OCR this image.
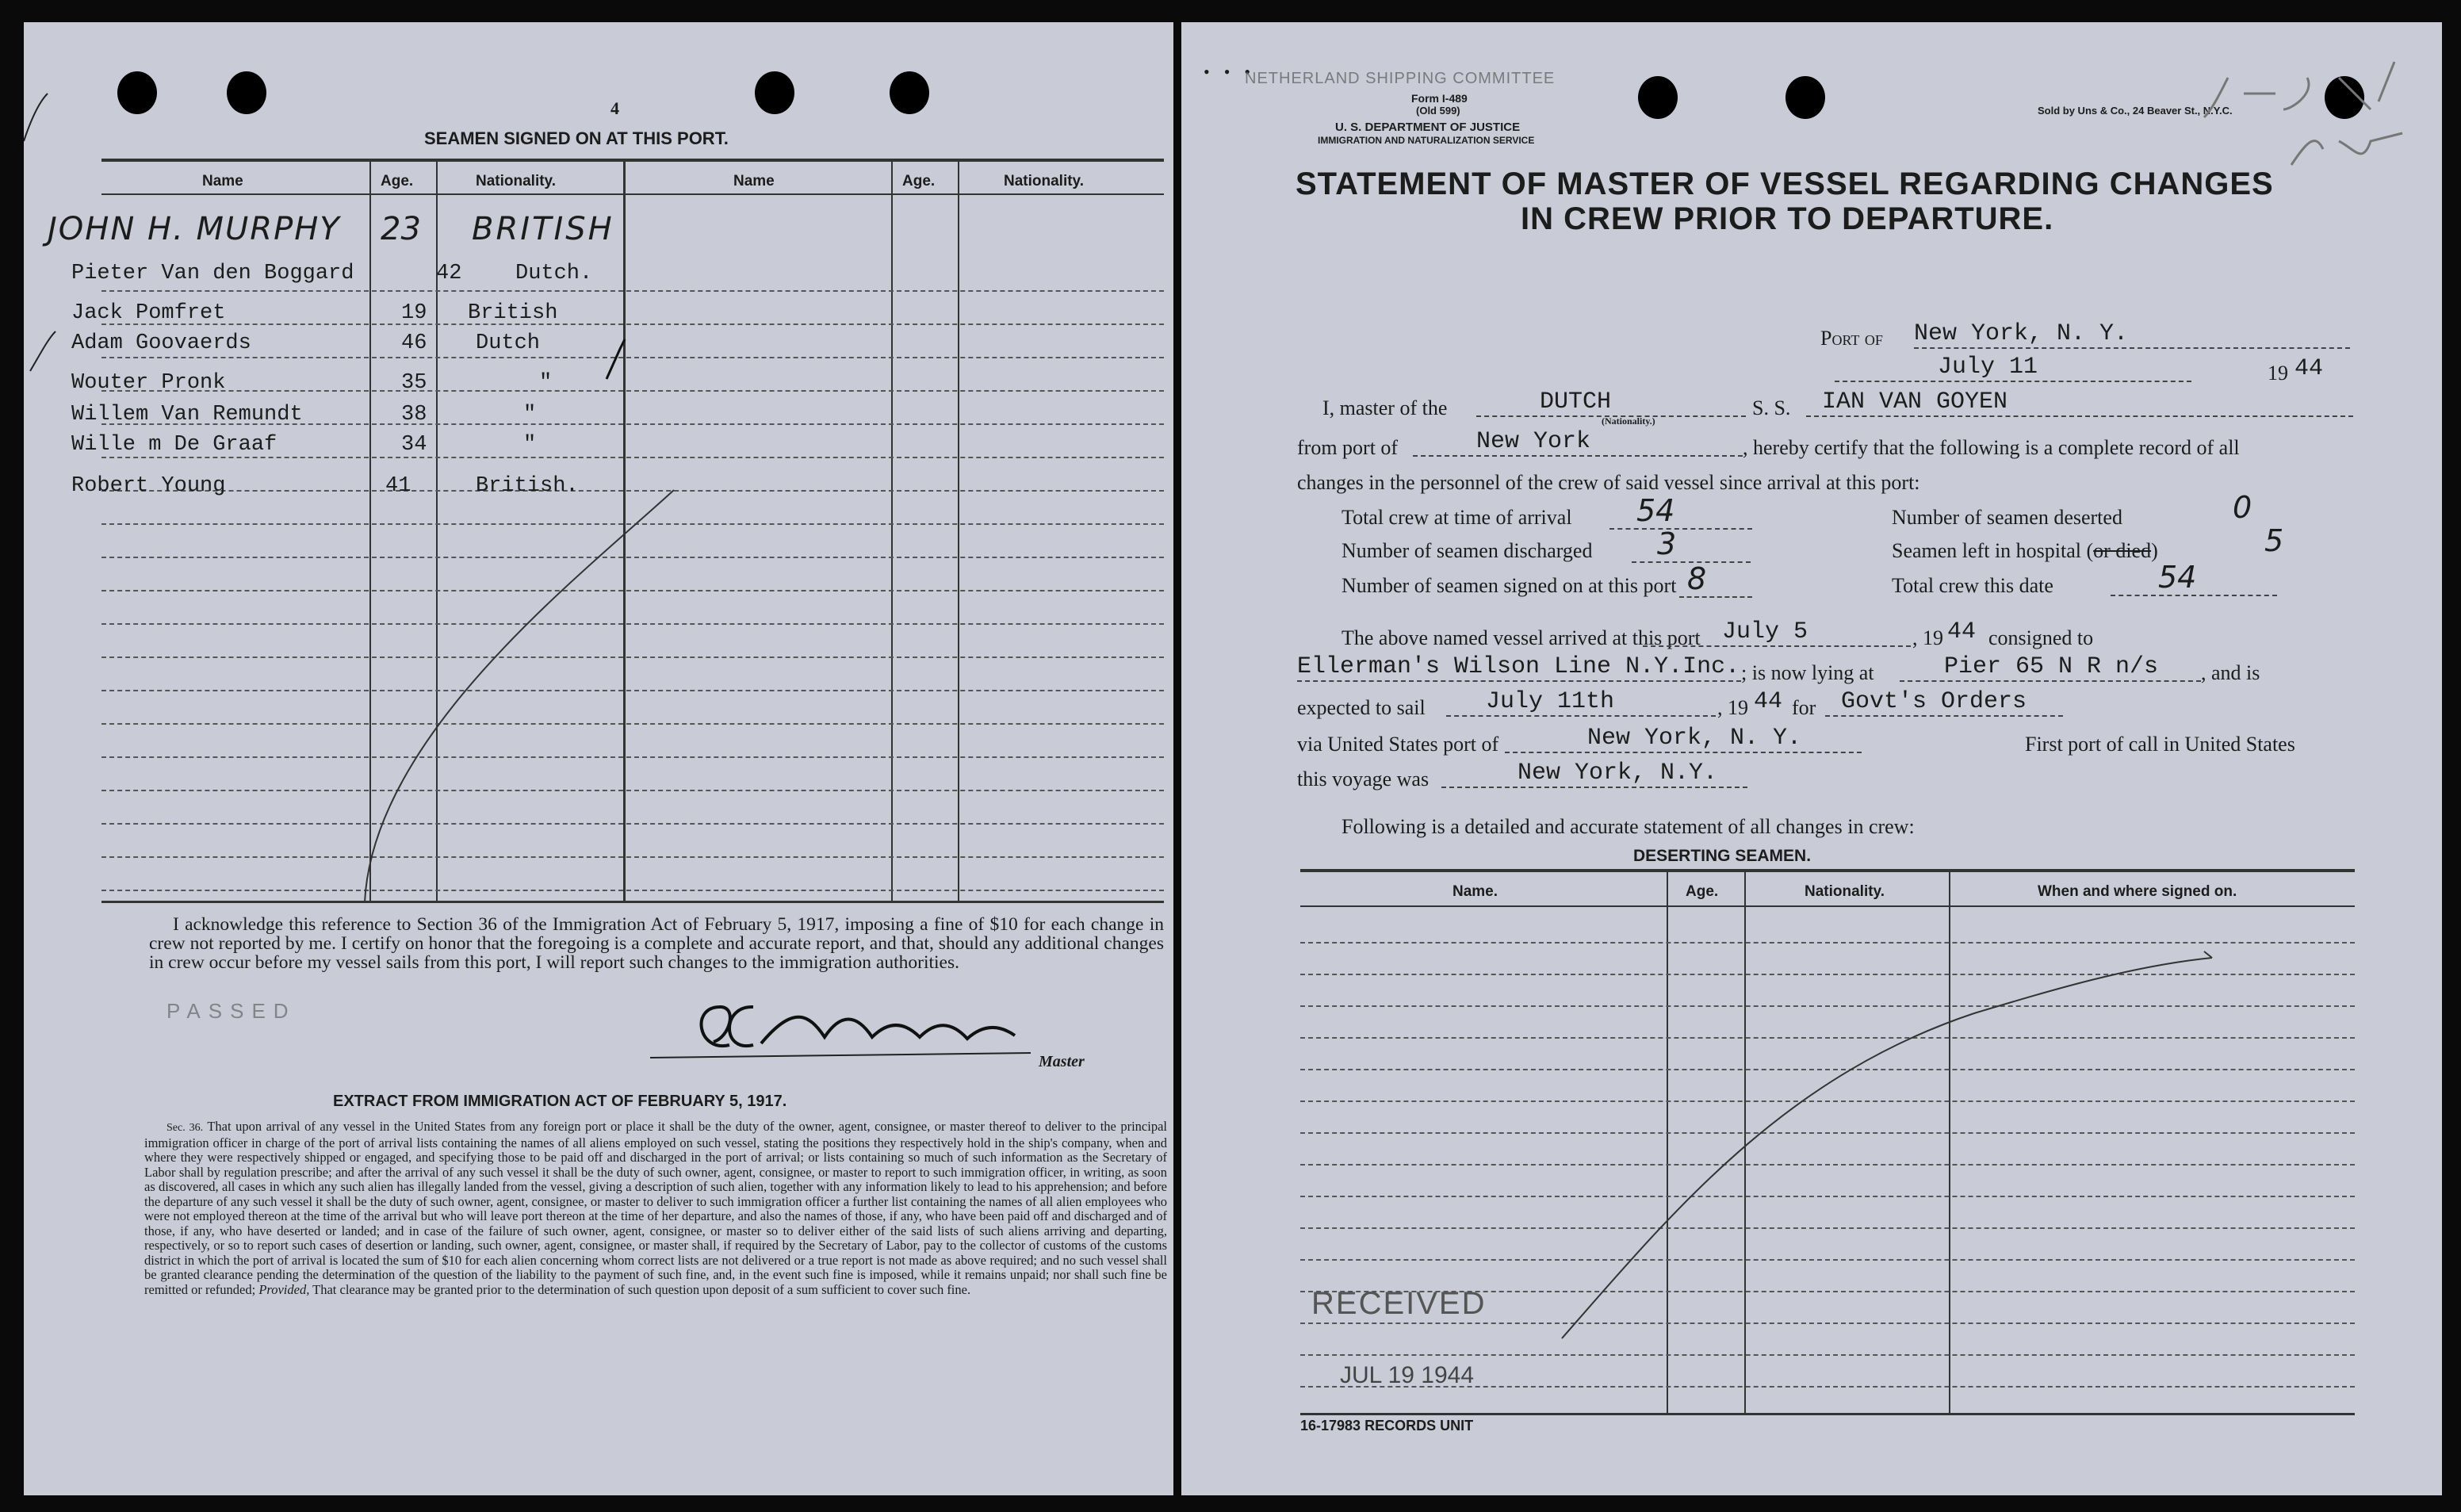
4
SEAMEN SIGNED ON AT THIS PORT.
Name	Age.	Nationality.	Name	Age.	Nationality.
JOHN H. MURPHY 23 BRITISH
Pieter Van den Boggard	42	Dutch.
Jack Pomfret	19 British
Adam Goovaerds	46 Dutch
Wouter Pronk	35	"
Willem Van Remundt	38	"
Wille m De Graaf	34	"
Robert Young	41	British.
I acknowledge this reference to Section 36 of the Immigration Act of February 5, 1917, imposing a fine of $10 for each change in crew not reported by me. I certify on honor that the foregoing is a complete and accurate report, and that, should any additional changes in crew occur before my vessel sails from this port, I will report such changes to the immigration authorities.
PASSED
Master
EXTRACT FROM IMMIGRATION ACT OF FEBRUARY 5, 1917.
Sec. 36. That upon arrival of any vessel in the United States from any foreign port or place it shall be the duty of the owner, agent, consignee, or master thereof to deliver to the principal immigration officer in charge of the port of arrival lists containing the names of all aliens employed on such vessel, stating the positions they respectively hold in the ship's company, when and where they were respectively shipped or engaged, and specifying those to be paid off and discharged in the port of arrival; or lists containing so much of such information as the Secretary of Labor shall by regulation prescribe; and after the arrival of any such vessel it shall be the duty of such owner, agent, consignee, or master to report to such immigration officer, in writing, as soon as discovered, all cases in which any such alien has illegally landed from the vessel, giving a description of such alien, together with any information likely to lead to his apprehension; and before the departure of any such vessel it shall be the duty of such owner, agent, consignee, or master to deliver to such immigration officer a further list containing the names of all alien employees who were not employed thereon at the time of the arrival but who will leave port thereon at the time of her departure, and also the names of those, if any, who have been paid off and discharged and of those, if any, who have deserted or landed; and in case of the failure of such owner, agent, consignee, or master so to deliver either of the said lists of such aliens arriving and departing, respectively, or so to report such cases of desertion or landing, such owner, agent, consignee, or master shall, if required by the Secretary of Labor, pay to the collector of customs of the customs district in which the port of arrival is located the sum of $10 for each alien concerning whom correct lists are not delivered or a true report is not made as above required; and no such vessel shall be granted clearance pending the determination of the question of the liability to the payment of such fine, and, in the event such fine is imposed, while it remains unpaid; nor shall such fine be remitted or refunded; Provided, That clearance may be granted prior to the determination of such question upon deposit of a sum sufficient to cover such fine.
•••
NETHERLAND SHIPPING COMMITTEE
Form I-489
(Old 599)
U. S. DEPARTMENT OF JUSTICE
IMMIGRATION AND NATURALIZATION SERVICE
Sold by Uns & Co., 24 Beaver St., N.Y.C.
STATEMENT OF MASTER OF VESSEL REGARDING CHANGES
IN CREW PRIOR TO DEPARTURE.
Port of New York, N. Y.
July 11	19 44
I, master of the	DUTCH
(Nationality.)
S. S.	IAN VAN GOYEN
from port of	New York	, hereby certify that the following is a complete record of all
changes in the personnel of the crew of said vessel since arrival at this port:
Total crew at time of arrival	54	Number of seamen deserted	0
Number of seamen discharged	3	Seamen left in hospital (or died)	5
Number of seamen signed on at this port 8	Total crew this date	54
The above named vessel arrived at this port July 5	, 19 44 consigned to
Ellerman's Wilson Line N.Y.Inc. ; is now lying at	Pier 65 N R n/s	, and is
expected to sail	July 11th	, 19 44 for	Govt's Orders
via United States port of	New York, N. Y.	First port of call in United States
this voyage was	New York, N.Y.
Following is a detailed and accurate statement of all changes in crew:
DESERTING SEAMEN.
Name.	Age.	Nationality.	When and where signed on.
RECEIVED
JUL 19 1944
16-17983 RECORDS UNIT
